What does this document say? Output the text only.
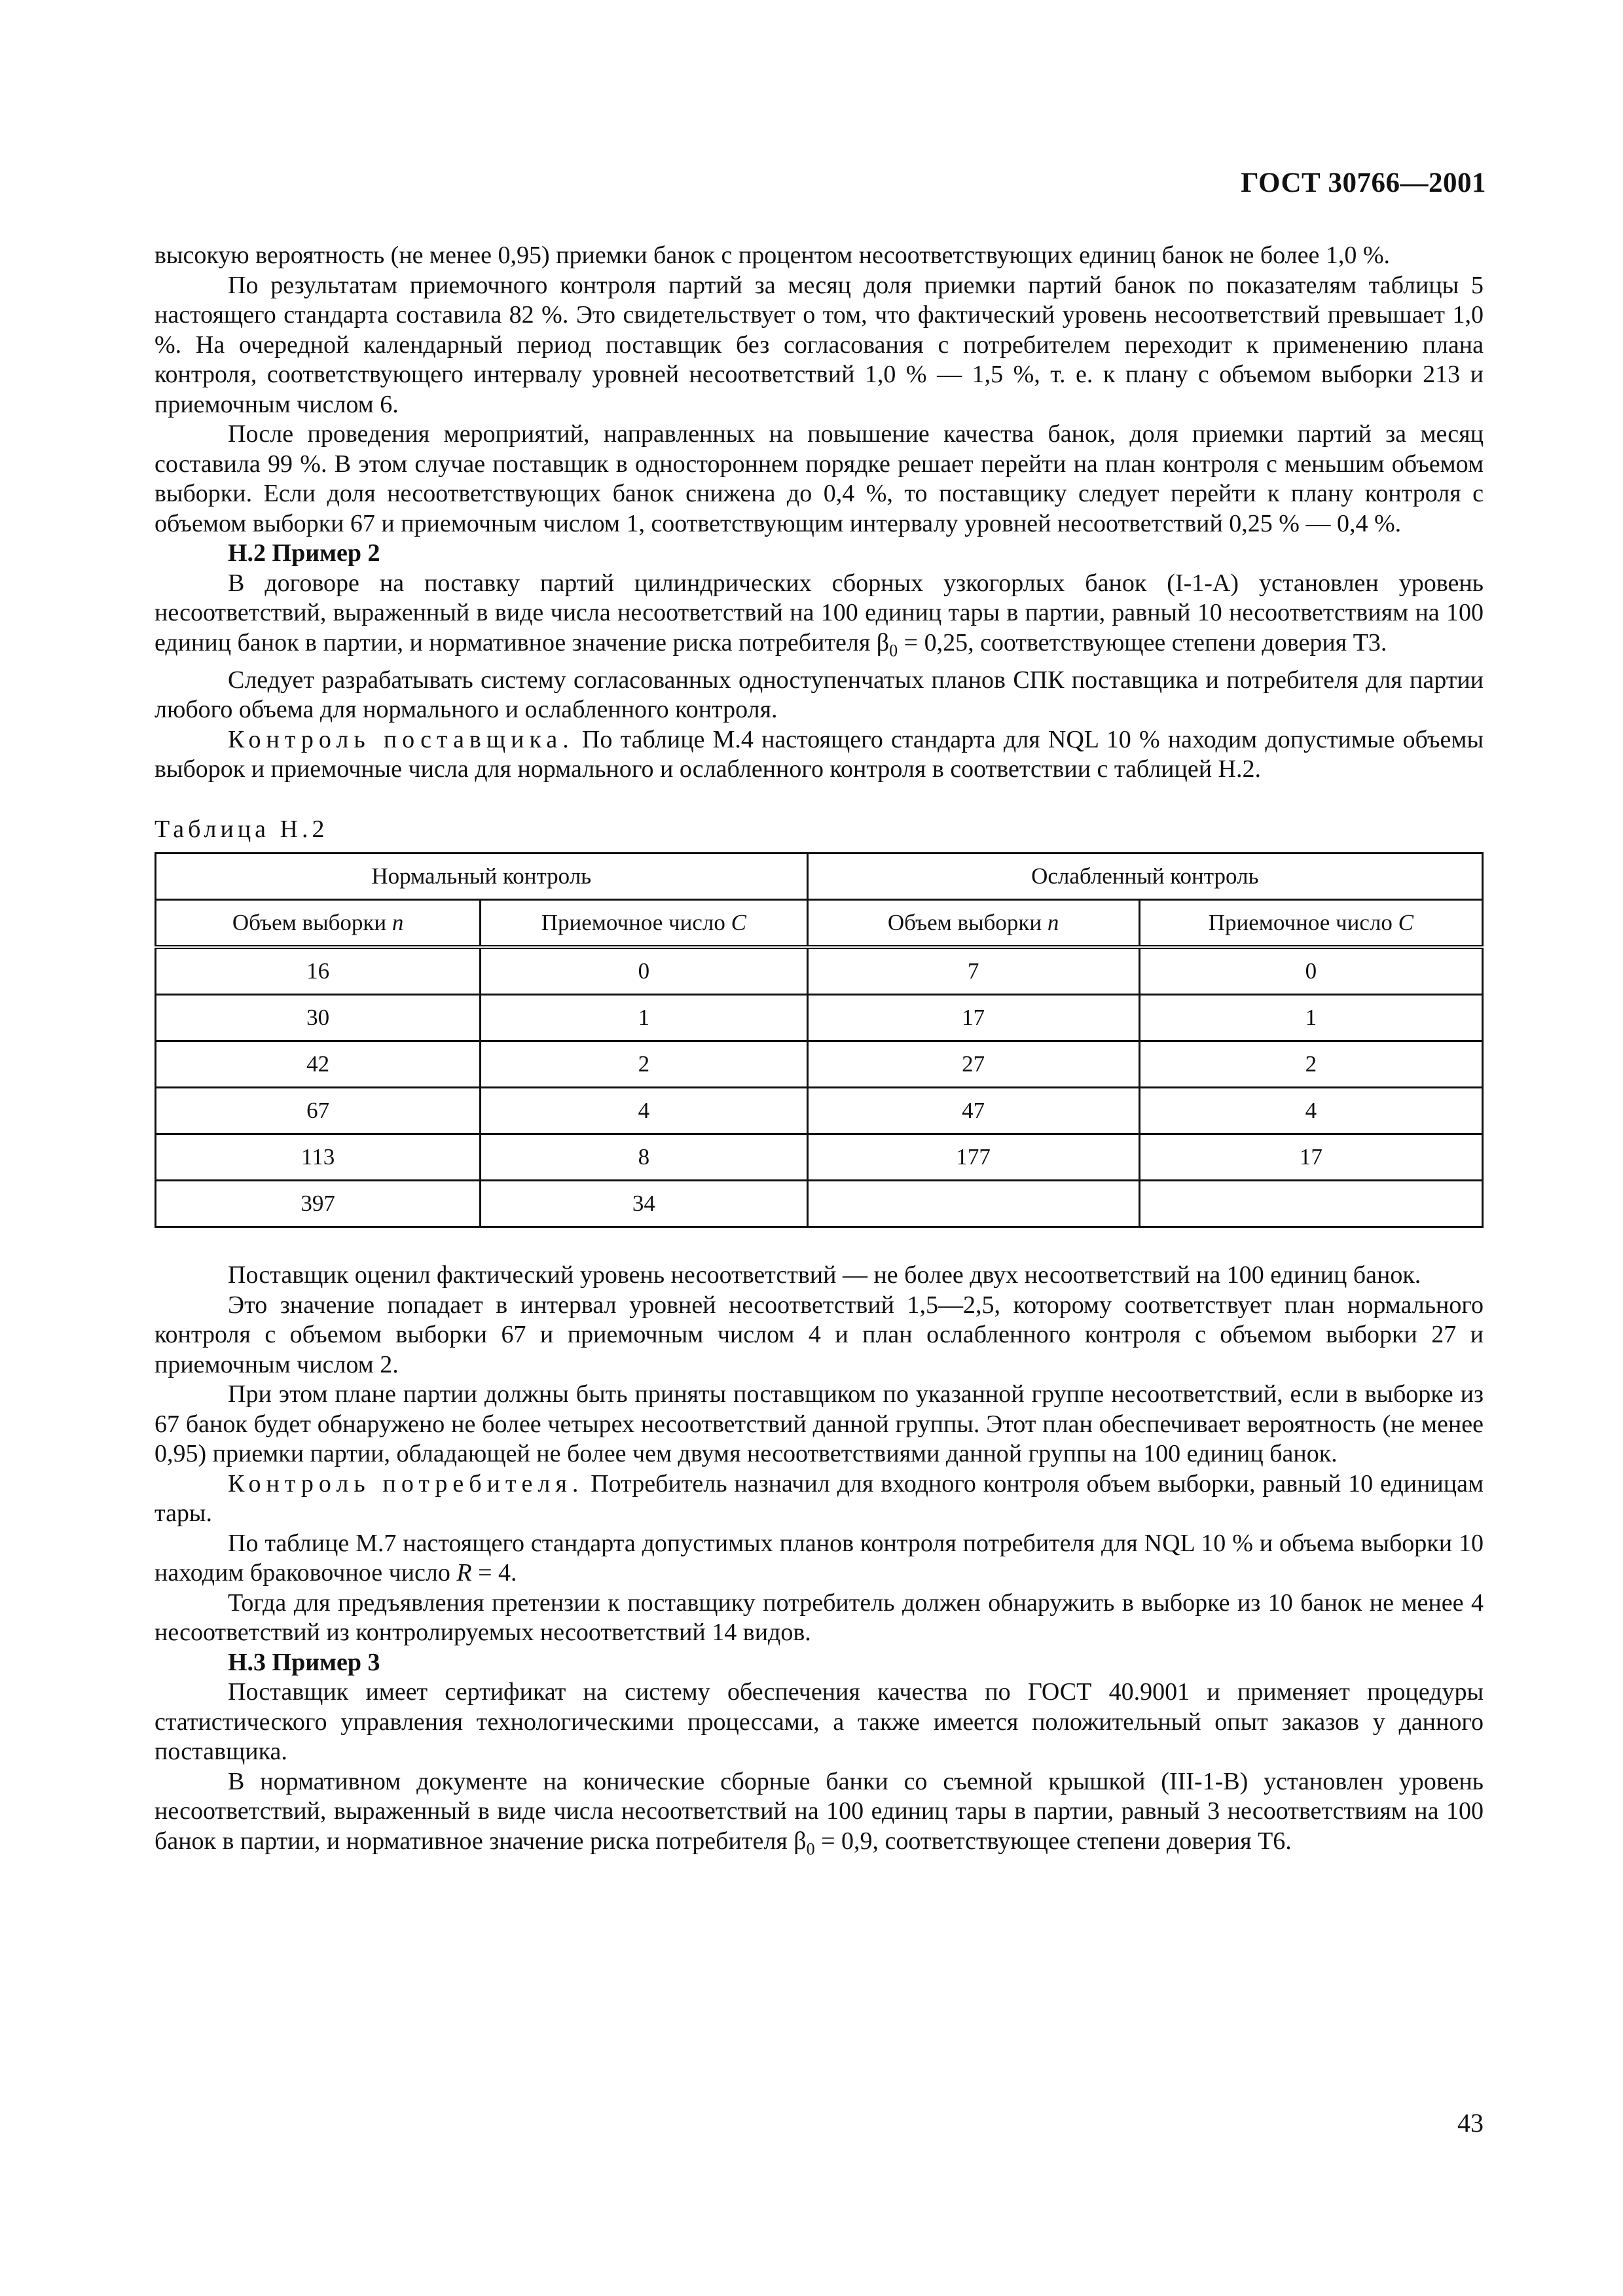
ГОСТ 30766—2001

высокую вероятность (не менее 0,95) приемки банок с процентом несоответствующих единиц банок не более 1,0 %.

По результатам приемочного контроля партий за месяц доля приемки партий банок по показателям таблицы 5 настоящего стандарта составила 82 %. Это свидетельствует о том, что фактический уровень несоответствий превышает 1,0 %. На очередной календарный период поставщик без согласования с потребителем переходит к применению плана контроля, соответствующего интервалу уровней несоответствий 1,0 % — 1,5 %, т. е. к плану с объемом выборки 213 и приемочным числом 6.

После проведения мероприятий, направленных на повышение качества банок, доля приемки партий за месяц составила 99 %. В этом случае поставщик в одностороннем порядке решает перейти на план контроля с меньшим объемом выборки. Если доля несоответствующих банок снижена до 0,4 %, то поставщику следует перейти к плану контроля с объемом выборки 67 и приемочным числом 1, соответствующим интервалу уровней несоответствий 0,25 % — 0,4 %.

Н.2 Пример 2

В договоре на поставку партий цилиндрических сборных узкогорлых банок (I-1-А) установлен уровень несоответствий, выраженный в виде числа несоответствий на 100 единиц тары в партии, равный 10 несоответствиям на 100 единиц банок в партии, и нормативное значение риска потребителя $\beta_0 = 0,25$, соответствующее степени доверия Т3.

Следует разрабатывать систему согласованных одноступенчатых планов СПК поставщика и потребителя для партии любого объема для нормального и ослабленного контроля.

Контроль поставщика. По таблице М.4 настоящего стандарта для NQL 10 % находим допустимые объемы выборок и приемочные числа для нормального и ослабленного контроля в соответствии с таблицей Н.2.

Таблица Н.2
Нормальный контроль		Ослабленный контроль	
Объем выборки n	Приемочное число C	Объем выборки n	Приемочное число C
16	0	7	0
30	1	17	1
42	2	27	2
67	4	47	4
113	8	177	17
397	34		

Поставщик оценил фактический уровень несоответствий — не более двух несоответствий на 100 единиц банок.

Это значение попадает в интервал уровней несоответствий 1,5—2,5, которому соответствует план нормального контроля с объемом выборки 67 и приемочным числом 4 и план ослабленного контроля с объемом выборки 27 и приемочным числом 2.

При этом плане партии должны быть приняты поставщиком по указанной группе несоответствий, если в выборке из 67 банок будет обнаружено не более четырех несоответствий данной группы. Этот план обеспечивает вероятность (не менее 0,95) приемки партии, обладающей не более чем двумя несоответствиями данной группы на 100 единиц банок.

Контроль потребителя. Потребитель назначил для входного контроля объем выборки, равный 10 единицам тары.

По таблице М.7 настоящего стандарта допустимых планов контроля потребителя для NQL 10 % и объема выборки 10 находим браковочное число R = 4.

Тогда для предъявления претензии к поставщику потребитель должен обнаружить в выборке из 10 банок не менее 4 несоответствий из контролируемых несоответствий 14 видов.

Н.3 Пример 3

Поставщик имеет сертификат на систему обеспечения качества по ГОСТ 40.9001 и применяет процедуры статистического управления технологическими процессами, а также имеется положительный опыт заказов у данного поставщика.

В нормативном документе на конические сборные банки со съемной крышкой (III-1-В) установлен уровень несоответствий, выраженный в виде числа несоответствий на 100 единиц тары в партии, равный 3 несоответствиям на 100 банок в партии, и нормативное значение риска потребителя $\beta_0 = 0,9$, соответствующее степени доверия Т6.

43
